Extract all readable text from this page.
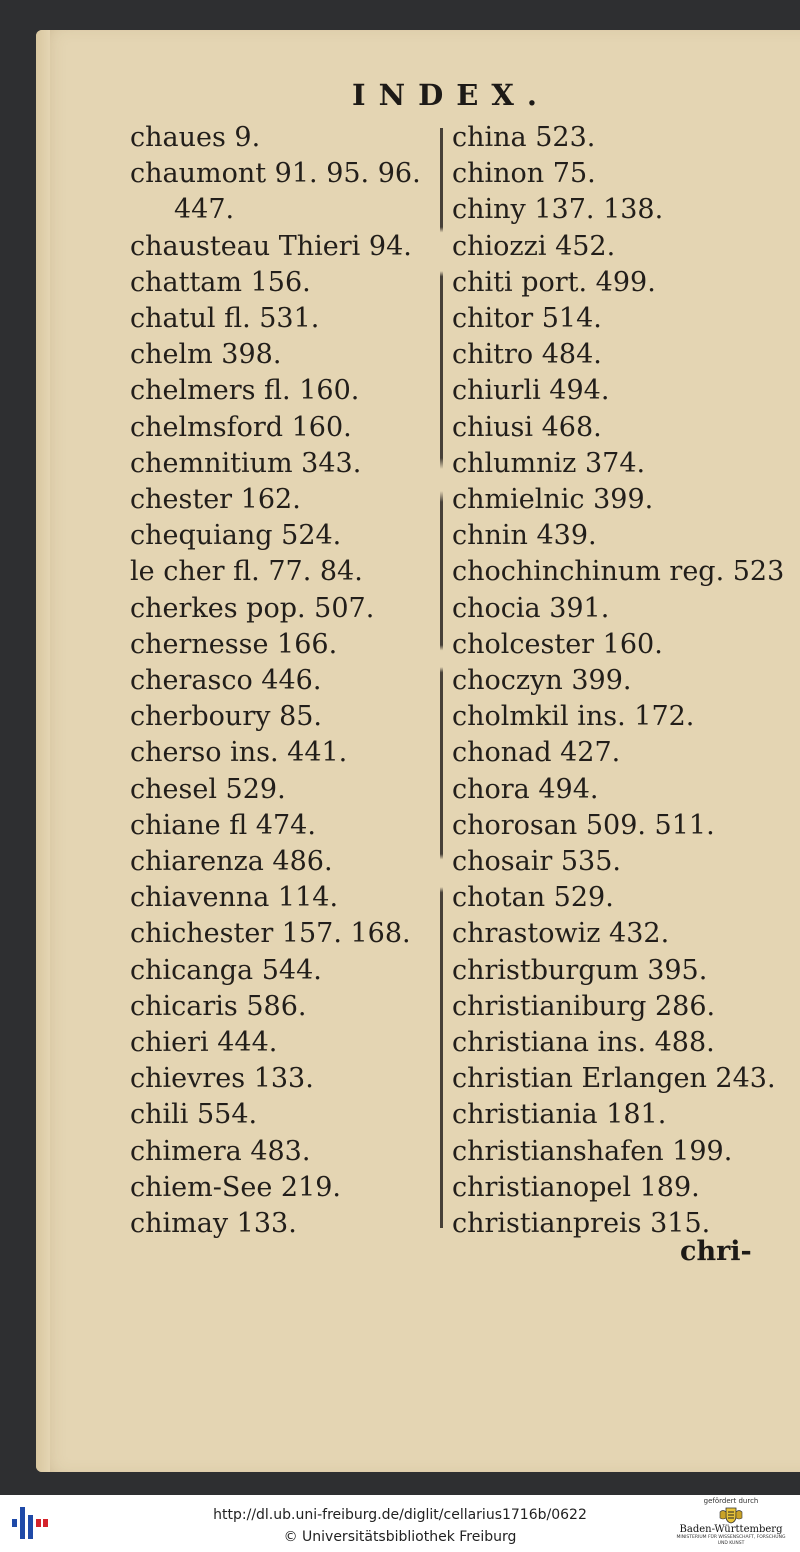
INDEX.
chaues 9.
chaumont 91. 95. 96.
447.
chausteau Thieri 94.
chattam 156.
chatul fl. 531.
chelm 398.
chelmers fl. 160.
chelmsford 160.
chemnitium 343.
chester 162.
chequiang 524.
le cher fl. 77. 84.
cherkes pop. 507.
chernesse 166.
cherasco 446.
cherboury 85.
cherso ins. 441.
chesel 529.
chiane fl 474.
chiarenza 486.
chiavenna 114.
chichester 157. 168.
chicanga 544.
chicaris 586.
chieri 444.
chievres 133.
chili 554.
chimera 483.
chiem-See 219.
chimay 133.
china 523.
chinon 75.
chiny 137. 138.
chiozzi 452.
chiti port. 499.
chitor 514.
chitro 484.
chiurli 494.
chiusi 468.
chlumniz 374.
chmielnic 399.
chnin 439.
chochinchinum reg. 523
chocia 391.
cholcester 160.
choczyn 399.
cholmkil ins. 172.
chonad 427.
chora 494.
chorosan 509. 511.
chosair 535.
chotan 529.
chrastowiz 432.
christburgum 395.
christianiburg 286.
christiana ins. 488.
christian Erlangen 243.
christiania 181.
christianshafen 199.
christianopel 189.
christianpreis 315.
chri-
http://dl.ub.uni-freiburg.de/diglit/cellarius1716b/0622
© Universitätsbibliothek Freiburg
gefördert durch
Baden-Württemberg
MINISTERIUM FÜR WISSENSCHAFT, FORSCHUNG UND KUNST
